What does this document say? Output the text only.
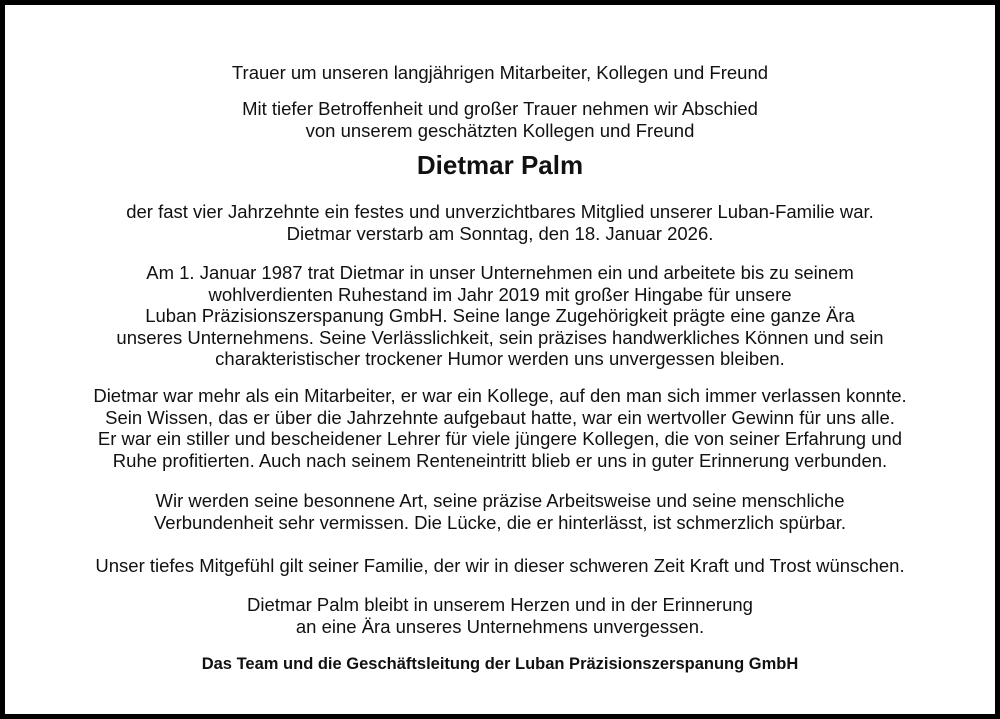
Trauer um unseren langjährigen Mitarbeiter, Kollegen und Freund
Mit tiefer Betroffenheit und großer Trauer nehmen wir Abschied
von unserem geschätzten Kollegen und Freund
Dietmar Palm
der fast vier Jahrzehnte ein festes und unverzichtbares Mitglied unserer Luban-Familie war.
Dietmar verstarb am Sonntag, den 18. Januar 2026.
Am 1. Januar 1987 trat Dietmar in unser Unternehmen ein und arbeitete bis zu seinem
wohlverdienten Ruhestand im Jahr 2019 mit großer Hingabe für unsere
Luban Präzisionszerspanung GmbH. Seine lange Zugehörigkeit prägte eine ganze Ära
unseres Unternehmens. Seine Verlässlichkeit, sein präzises handwerkliches Können und sein
charakteristischer trockener Humor werden uns unvergessen bleiben.
Dietmar war mehr als ein Mitarbeiter, er war ein Kollege, auf den man sich immer verlassen konnte.
Sein Wissen, das er über die Jahrzehnte aufgebaut hatte, war ein wertvoller Gewinn für uns alle.
Er war ein stiller und bescheidener Lehrer für viele jüngere Kollegen, die von seiner Erfahrung und
Ruhe profitierten. Auch nach seinem Renteneintritt blieb er uns in guter Erinnerung verbunden.
Wir werden seine besonnene Art, seine präzise Arbeitsweise und seine menschliche
Verbundenheit sehr vermissen. Die Lücke, die er hinterlässt, ist schmerzlich spürbar.
Unser tiefes Mitgefühl gilt seiner Familie, der wir in dieser schweren Zeit Kraft und Trost wünschen.
Dietmar Palm bleibt in unserem Herzen und in der Erinnerung
an eine Ära unseres Unternehmens unvergessen.
Das Team und die Geschäftsleitung der Luban Präzisionszerspanung GmbH
